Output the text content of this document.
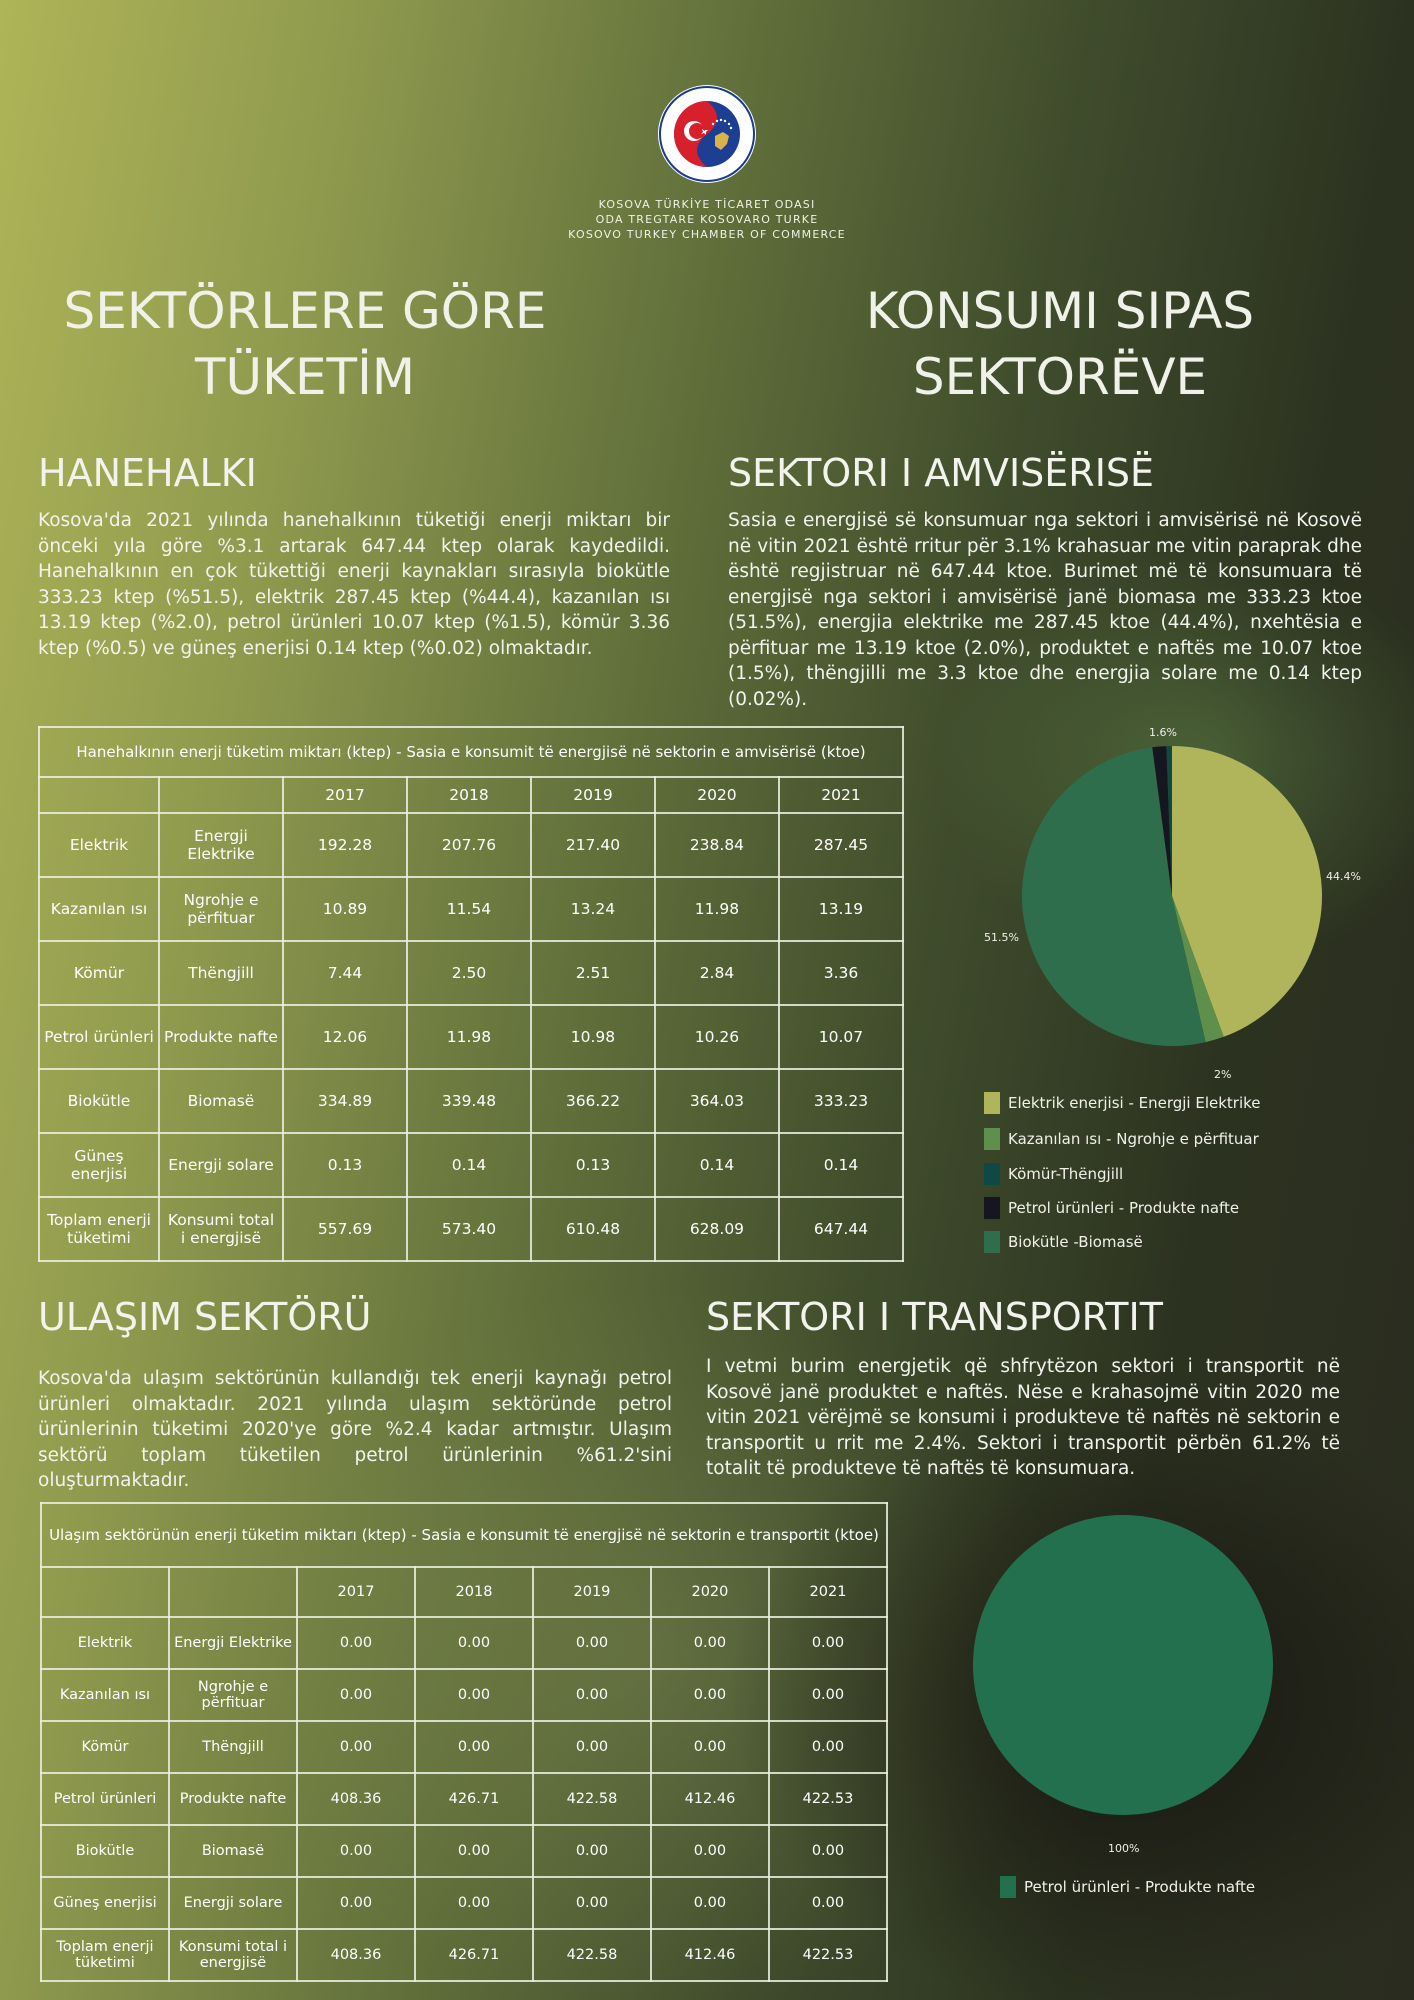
KOSOVA TÜRKİYE TİCARET ODASI
ODA TREGTARE KOSOVARO TURKE
KOSOVO TURKEY CHAMBER OF COMMERCE
SEKTÖRLERE GÖRE
TÜKETİM
KONSUMI SIPAS
SEKTORËVE
HANEHALKI	SEKTORI I AMVISËRISË
Kosova'da 2021 yılında hanehalkının tüketiği enerji miktarı bir önceki yıla göre %3.1 artarak 647.44 ktep olarak kaydedildi. Hanehalkının en çok tükettiği enerji kaynakları sırasıyla biokütle 333.23 ktep (%51.5), elektrik 287.45 ktep (%44.4), kazanılan ısı 13.19 ktep (%2.0), petrol ürünleri 10.07 ktep (%1.5), kömür 3.36 ktep (%0.5) ve güneş enerjisi 0.14 ktep (%0.02) olmaktadır.
Sasia e energjisë së konsumuar nga sektori i amvisërisë në Kosovë në vitin 2021 është rritur për 3.1% krahasuar me vitin paraprak dhe është regjistruar në 647.44 ktoe. Burimet më të konsumuara të energjisë nga sektori i amvisërisë janë biomasa me 333.23 ktoe (51.5%), energjia elektrike me 287.45 ktoe (44.4%), nxehtësia e përfituar me 13.19 ktoe (2.0%), produktet e naftës me 10.07 ktoe (1.5%), thëngjilli me 3.3 ktoe dhe energjia solare me 0.14 ktep (0.02%).
Hanehalkının enerji tüketim miktarı (ktep) - Sasia e konsumit të energjisë në sektorin e amvisërisë (ktoe)						
		2017	2018	2019	2020	2021
Elektrik	Energji Elektrike	192.28	207.76	217.40	238.84	287.45
Kazanılan ısı	Ngrohje e përfituar	10.89	11.54	13.24	11.98	13.19
Kömür	Thëngjill	7.44	2.50	2.51	2.84	3.36
Petrol ürünleri	Produkte nafte	12.06	11.98	10.98	10.26	10.07
Biokütle	Biomasë	334.89	339.48	366.22	364.03	333.23
Güneş enerjisi	Energji solare	0.13	0.14	0.13	0.14	0.14
Toplam enerji tüketimi	Konsumi total i energjisë	557.69	573.40	610.48	628.09	647.44
1.6%
44.4%
51.5%
2%
Elektrik enerjisi - Energji Elektrike
Kazanılan ısı - Ngrohje e përfituar
Kömür-Thëngjill
Petrol ürünleri - Produkte nafte
Biokütle -Biomasë
ULAŞIM SEKTÖRÜ	SEKTORI I TRANSPORTIT
Kosova'da ulaşım sektörünün kullandığı tek enerji kaynağı petrol ürünleri olmaktadır. 2021 yılında ulaşım sektöründe petrol ürünlerinin tüketimi 2020'ye göre %2.4 kadar artmıştır. Ulaşım sektörü toplam tüketilen petrol ürünlerinin %61.2'sini oluşturmaktadır.
I vetmi burim energjetik që shfrytëzon sektori i transportit në Kosovë janë produktet e naftës. Nëse e krahasojmë vitin 2020 me vitin 2021 vërëjmë se konsumi i produkteve të naftës në sektorin e transportit u rrit me 2.4%. Sektori i transportit përbën 61.2% të totalit të produkteve të naftës të konsumuara.
Ulaşım sektörünün enerji tüketim miktarı (ktep) - Sasia e konsumit të energjisë në sektorin e transportit (ktoe)						
		2017	2018	2019	2020	2021
Elektrik	Energji Elektrike	0.00	0.00	0.00	0.00	0.00
Kazanılan ısı	Ngrohje e përfituar	0.00	0.00	0.00	0.00	0.00
Kömür	Thëngjill	0.00	0.00	0.00	0.00	0.00
Petrol ürünleri	Produkte nafte	408.36	426.71	422.58	412.46	422.53
Biokütle	Biomasë	0.00	0.00	0.00	0.00	0.00
Güneş enerjisi	Energji solare	0.00	0.00	0.00	0.00	0.00
Toplam enerji tüketimi	Konsumi total i energjisë	408.36	426.71	422.58	412.46	422.53
100%
Petrol ürünleri - Produkte nafte
